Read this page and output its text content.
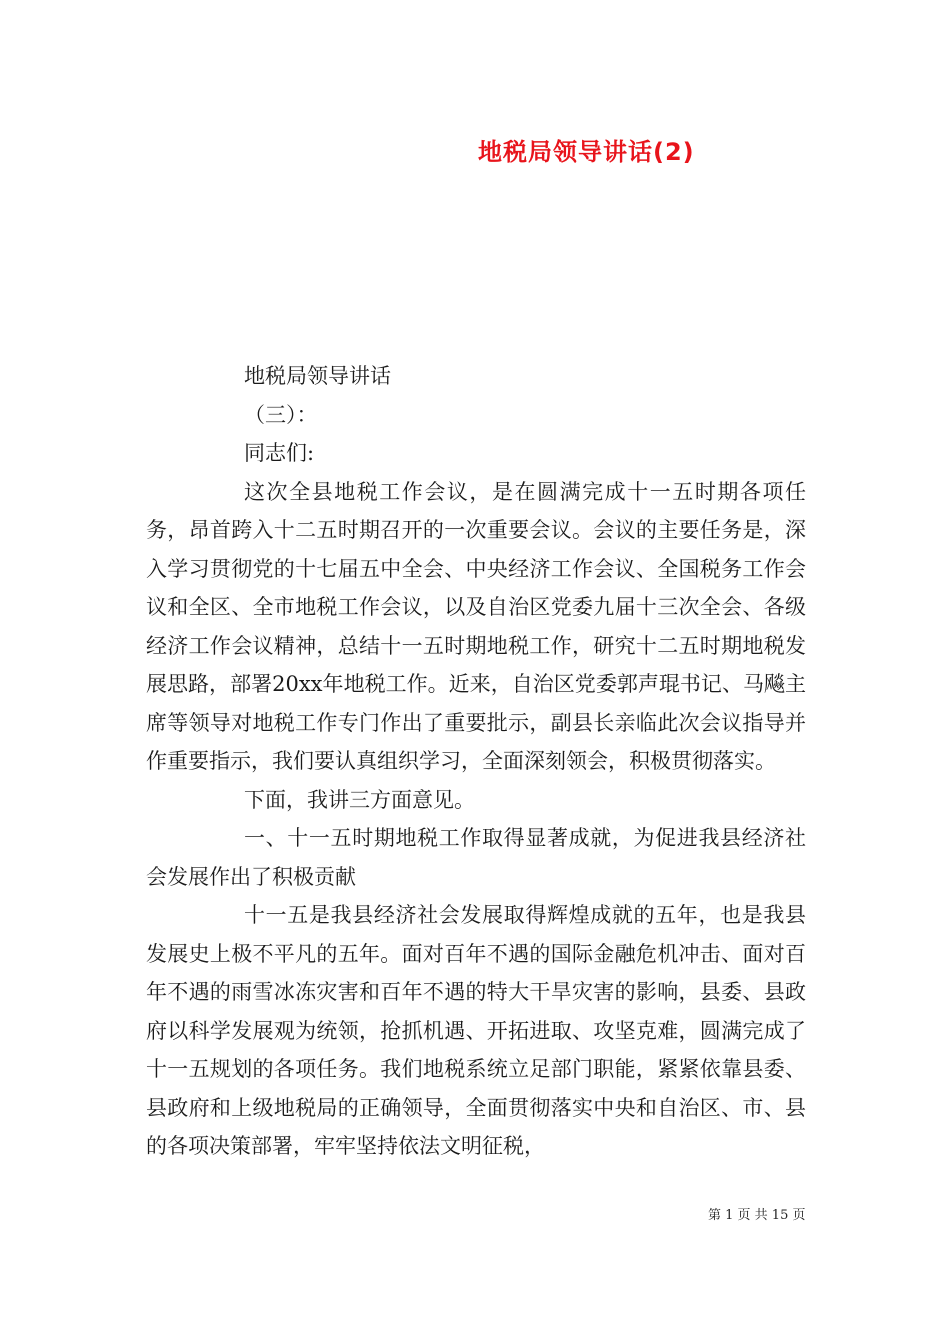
地税局领导讲话(2)

地税局领导讲话

（三）：

同志们:

这次全县地税工作会议，是在圆满完成十一五时期各项任务，昂首跨入十二五时期召开的一次重要会议。会议的主要任务是，深入学习贯彻党的十七届五中全会、中央经济工作会议、全国税务工作会议和全区、全市地税工作会议，以及自治区党委九届十三次全会、各级经济工作会议精神，总结十一五时期地税工作，研究十二五时期地税发展思路，部署20xx年地税工作。近来，自治区党委郭声琨书记、马飚主席等领导对地税工作专门作出了重要批示，副县长亲临此次会议指导并作重要指示，我们要认真组织学习，全面深刻领会，积极贯彻落实。

下面，我讲三方面意见。

一、十一五时期地税工作取得显著成就，为促进我县经济社会发展作出了积极贡献

十一五是我县经济社会发展取得辉煌成就的五年，也是我县发展史上极不平凡的五年。面对百年不遇的国际金融危机冲击、面对百年不遇的雨雪冰冻灾害和百年不遇的特大干旱灾害的影响，县委、县政府以科学发展观为统领，抢抓机遇、开拓进取、攻坚克难，圆满完成了十一五规划的各项任务。我们地税系统立足部门职能，紧紧依靠县委、县政府和上级地税局的正确领导，全面贯彻落实中央和自治区、市、县的各项决策部署，牢牢坚持依法文明征税，

第 1 页 共 15 页
